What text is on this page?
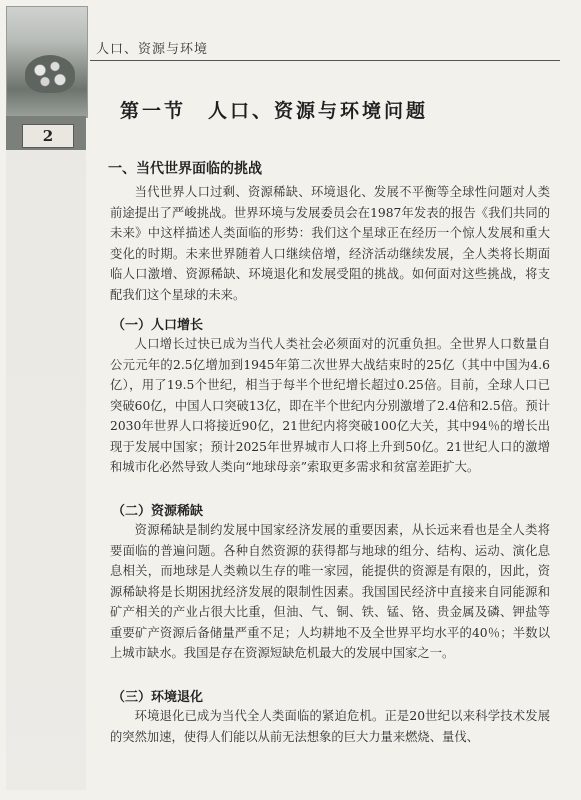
2
人口、资源与环境
第一节　人口、资源与环境问题
一、当代世界面临的挑战

当代世界人口过剩、资源稀缺、环境退化、发展不平衡等全球性问题对人类前途提出了严峻挑战。世界环境与发展委员会在1987年发表的报告《我们共同的未来》中这样描述人类面临的形势：我们这个星球正在经历一个惊人发展和重大变化的时期。未来世界随着人口继续倍增，经济活动继续发展，全人类将长期面临人口激增、资源稀缺、环境退化和发展受阻的挑战。如何面对这些挑战，将支配我们这个星球的未来。

（一）人口增长

人口增长过快已成为当代人类社会必须面对的沉重负担。全世界人口数量自公元元年的2.5亿增加到1945年第二次世界大战结束时的25亿（其中中国为4.6亿），用了19.5个世纪，相当于每半个世纪增长超过0.25倍。目前，全球人口已突破60亿，中国人口突破13亿，即在半个世纪内分别激增了2.4倍和2.5倍。预计2030年世界人口将接近90亿，21世纪内将突破100亿大关，其中94％的增长出现于发展中国家；预计2025年世界城市人口将上升到50亿。21世纪人口的激增和城市化必然导致人类向“地球母亲”索取更多需求和贫富差距扩大。

（二）资源稀缺

资源稀缺是制约发展中国家经济发展的重要因素，从长远来看也是全人类将要面临的普遍问题。各种自然资源的获得都与地球的组分、结构、运动、演化息息相关，而地球是人类赖以生存的唯一家园，能提供的资源是有限的，因此，资源稀缺将是长期困扰经济发展的限制性因素。我国国民经济中直接来自同能源和矿产相关的产业占很大比重，但油、气、铜、铁、锰、铬、贵金属及磷、钾盐等重要矿产资源后备储量严重不足；人均耕地不及全世界平均水平的40％；半数以上城市缺水。我国是存在资源短缺危机最大的发展中国家之一。

（三）环境退化

环境退化已成为当代全人类面临的紧迫危机。正是20世纪以来科学技术发展的突然加速，使得人们能以从前无法想象的巨大力量来燃烧、量伐、
